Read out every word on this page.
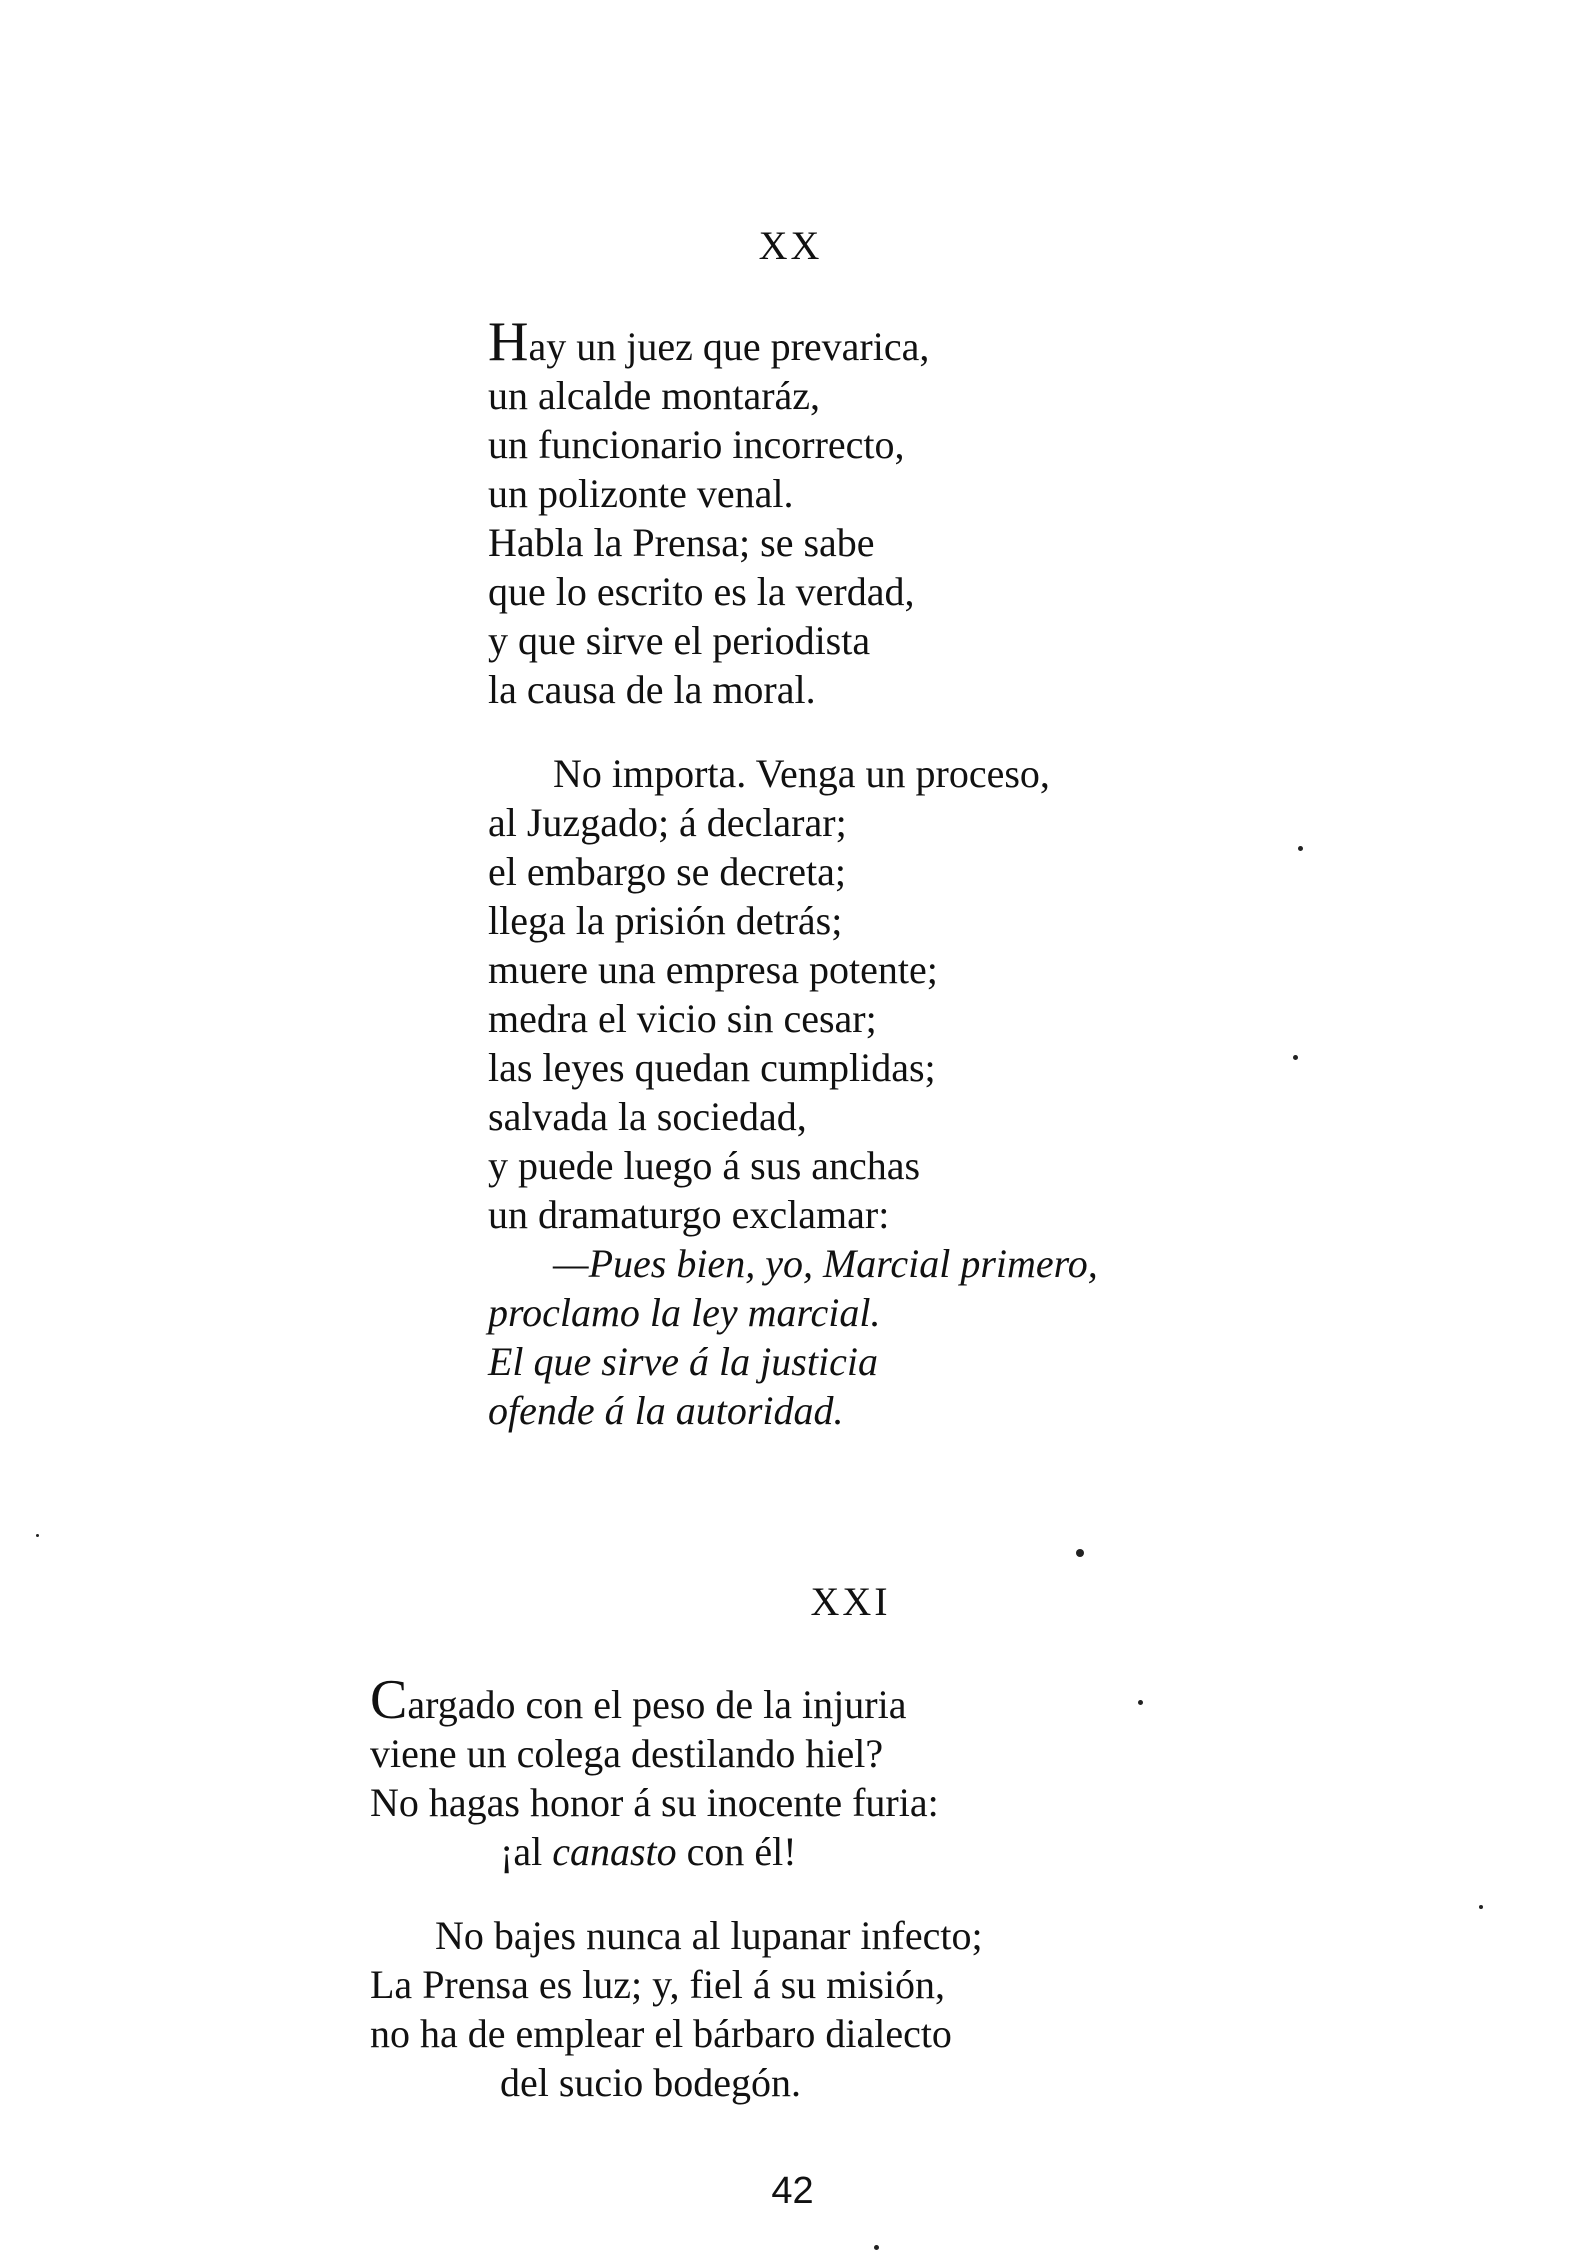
XX
Hay un juez que prevarica,
un alcalde montaráz,
un funcionario incorrecto,
un polizonte venal.
Habla la Prensa; se sabe
que lo escrito es la verdad,
y que sirve el periodista
la causa de la moral.
No importa. Venga un proceso,
al Juzgado; á declarar;
el embargo se decreta;
llega la prisión detrás;
muere una empresa potente;
medra el vicio sin cesar;
las leyes quedan cumplidas;
salvada la sociedad,
y puede luego á sus anchas
un dramaturgo exclamar:
—Pues bien, yo, Marcial primero,
proclamo la ley marcial.
El que sirve á la justicia
ofende á la autoridad.
XXI
Cargado con el peso de la injuria
viene un colega destilando hiel?
No hagas honor á su inocente furia:
¡al canasto con él!
No bajes nunca al lupanar infecto;
La Prensa es luz; y, fiel á su misión,
no ha de emplear el bárbaro dialecto
del sucio bodegón.
42
